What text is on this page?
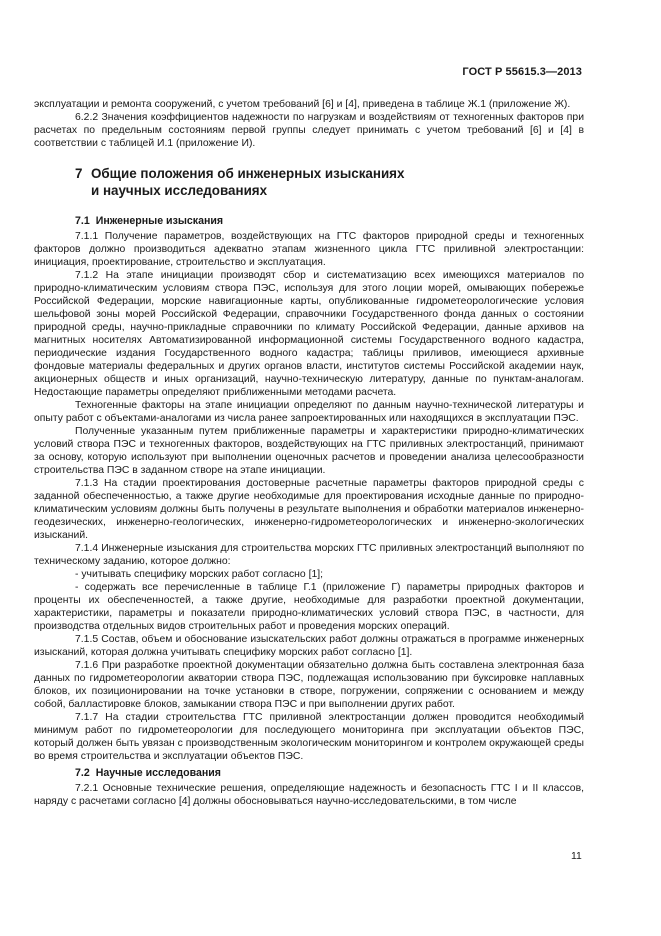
ГОСТ Р 55615.3—2013

эксплуатации и ремонта сооружений, с учетом требований [6] и [4], приведена в таблице Ж.1 (приложение Ж).

6.2.2 Значения коэффициентов надежности по нагрузкам и воздействиям от техногенных факторов при расчетах по предельным состояниям первой группы следует принимать с учетом требований [6] и [4] в соответствии с таблицей И.1 (приложение И).

7 Общие положения об инженерных изысканиях
и научных исследованиях
7.1 Инженерные изыскания

7.1.1 Получение параметров, воздействующих на ГТС факторов природной среды и техногенных факторов должно производиться адекватно этапам жизненного цикла ГТС приливной электростанции: инициация, проектирование, строительство и эксплуатация.

7.1.2 На этапе инициации производят сбор и систематизацию всех имеющихся материалов по природно-климатическим условиям створа ПЭС, используя для этого лоции морей, омывающих побережье Российской Федерации, морские навигационные карты, опубликованные гидрометеорологические условия шельфовой зоны морей Российской Федерации, справочники Государственного фонда данных о состоянии природной среды, научно-прикладные справочники по климату Российской Федерации, данные архивов на магнитных носителях Автоматизированной информационной системы Государственного водного кадастра, периодические издания Государственного водного кадастра; таблицы приливов, имеющиеся архивные фондовые материалы федеральных и других органов власти, институтов системы Российской академии наук, акционерных обществ и иных организаций, научно-техническую литературу, данные по пунктам-аналогам. Недостающие параметры определяют приближенными методами расчета.

Техногенные факторы на этапе инициации определяют по данным научно-технической литературы и опыту работ с объектами-аналогами из числа ранее запроектированных или находящихся в эксплуатации ПЭС.

Полученные указанным путем приближенные параметры и характеристики природно-климатических условий створа ПЭС и техногенных факторов, воздействующих на ГТС приливных электростанций, принимают за основу, которую используют при выполнении оценочных расчетов и проведении анализа целесообразности строительства ПЭС в заданном створе на этапе инициации.

7.1.3 На стадии проектирования достоверные расчетные параметры факторов природной среды с заданной обеспеченностью, а также другие необходимые для проектирования исходные данные по природно-климатическим условиям должны быть получены в результате выполнения и обработки материалов инженерно-геодезических, инженерно-геологических, инженерно-гидрометеорологических и инженерно-экологических изысканий.

7.1.4 Инженерные изыскания для строительства морских ГТС приливных электростанций выполняют по техническому заданию, которое должно:

- учитывать специфику морских работ согласно [1];
- содержать все перечисленные в таблице Г.1 (приложение Г) параметры природных факторов и проценты их обеспеченностей, а также другие, необходимые для разработки проектной документации, характеристики, параметры и показатели природно-климатических условий створа ПЭС, в частности, для производства отдельных видов строительных работ и проведения морских операций.

7.1.5 Состав, объем и обоснование изыскательских работ должны отражаться в программе инженерных изысканий, которая должна учитывать специфику морских работ согласно [1].

7.1.6 При разработке проектной документации обязательно должна быть составлена электронная база данных по гидрометеорологии акватории створа ПЭС, подлежащая использованию при буксировке наплавных блоков, их позиционировании на точке установки в створе, погружении, сопряжении с основанием и между собой, балластировке блоков, замыкании створа ПЭС и при выполнении других работ.

7.1.7 На стадии строительства ГТС приливной электростанции должен проводится необходимый минимум работ по гидрометеорологии для последующего мониторинга при эксплуатации объектов ПЭС, который должен быть увязан с производственным экологическим мониторингом и контролем окружающей среды во время строительства и эксплуатации объектов ПЭС.

7.2 Научные исследования

7.2.1 Основные технические решения, определяющие надежность и безопасность ГТС I и II классов, наряду с расчетами согласно [4] должны обосновываться научно-исследовательскими, в том числе

11
